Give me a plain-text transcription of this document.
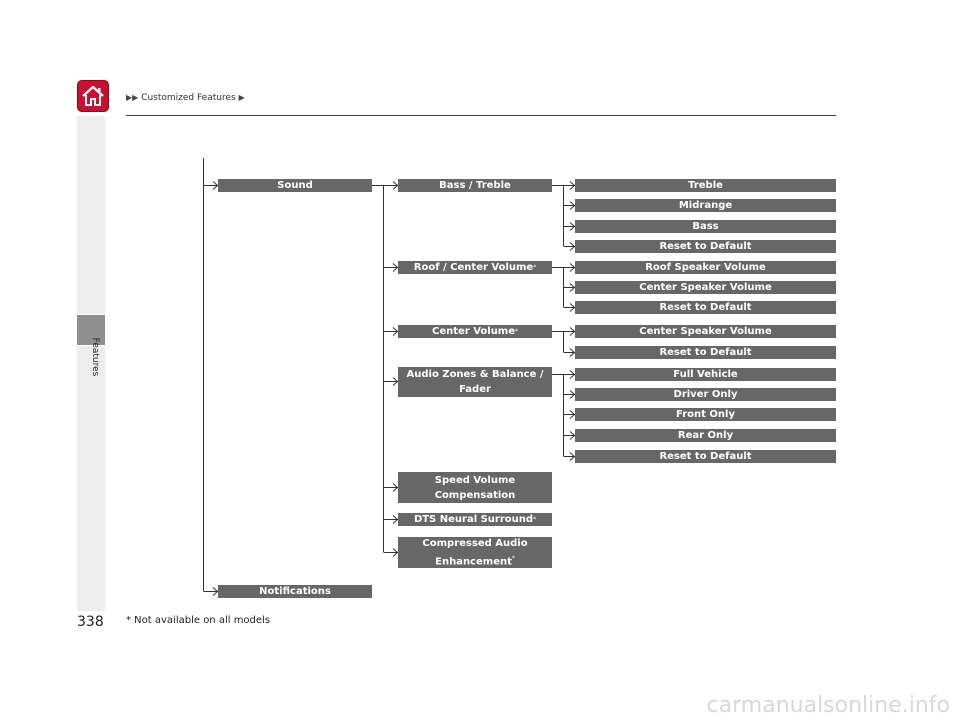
▶▶ Customized Features ▶
Features
Sound
Notifications
Bass / Treble
Roof / Center Volume *
Center Volume *
Audio Zones & Balance /
Fader
Speed Volume
Compensation
DTS Neural Surround *
Compressed Audio
Enhancement*
Treble
Midrange
Bass
Reset to Default
Roof Speaker Volume
Center Speaker Volume
Reset to Default
Center Speaker Volume
Reset to Default
Full Vehicle
Driver Only
Front Only
Rear Only
Reset to Default
338 * Not available on all models
carmanualsonline.info
